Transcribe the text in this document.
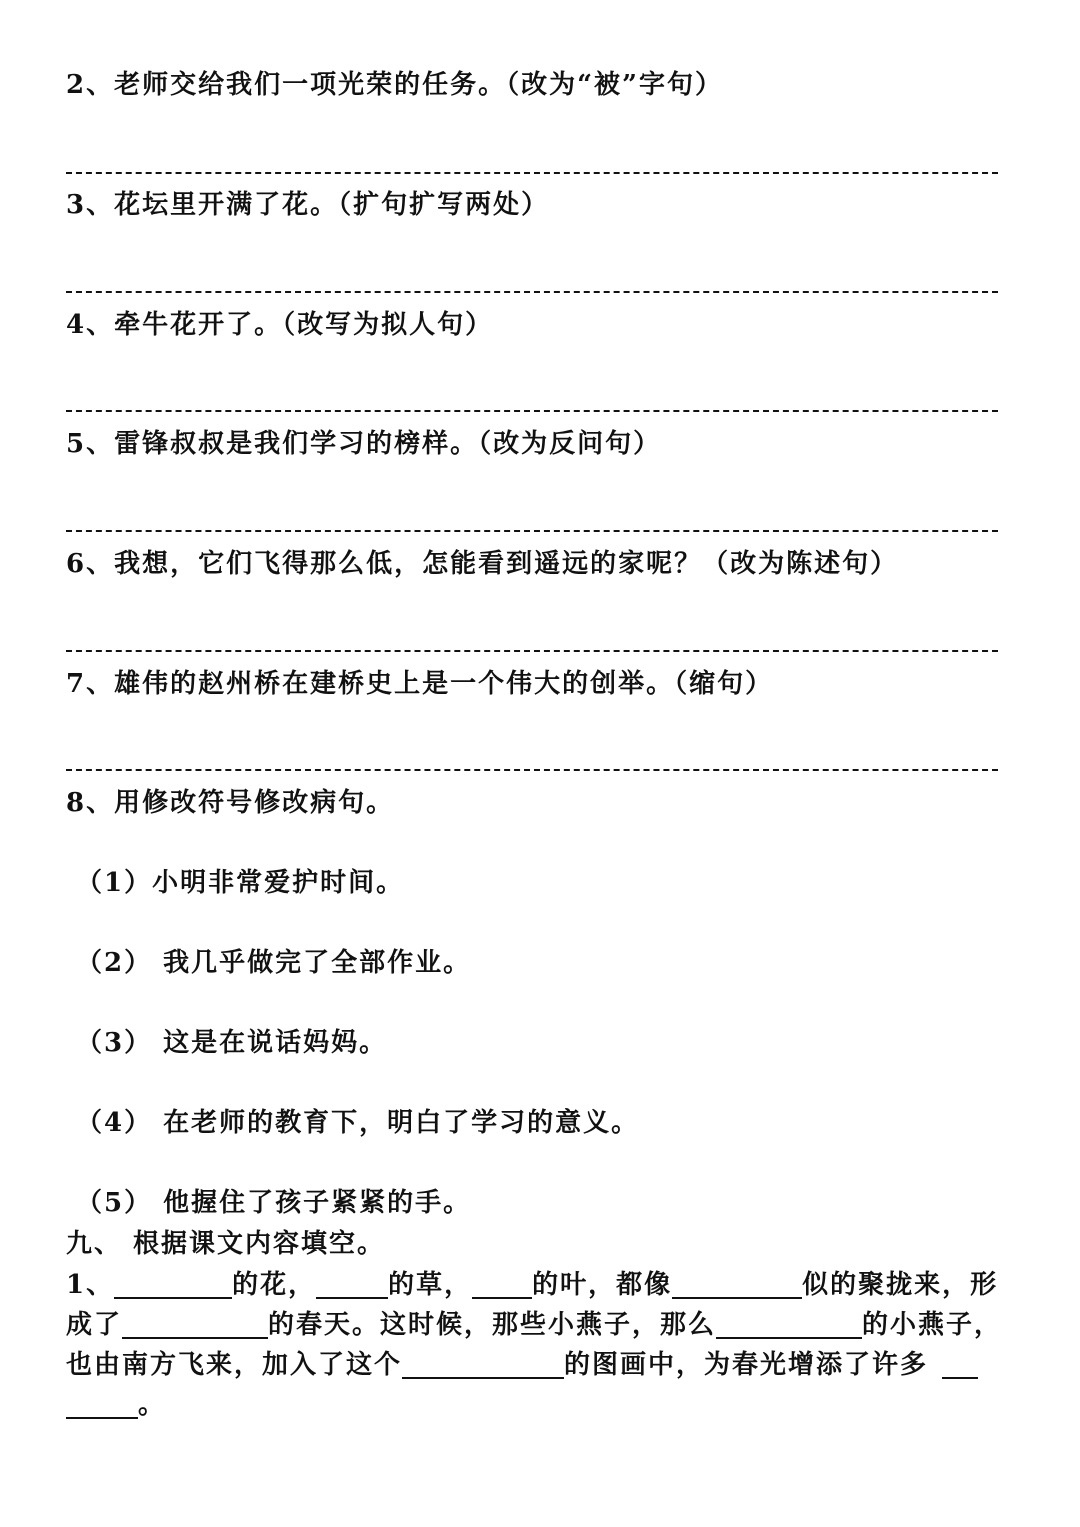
2、老师交给我们一项光荣的任务。（改为“被”字句）
3、花坛里开满了花。（扩句扩写两处）
4、牵牛花开了。（改写为拟人句）
5、雷锋叔叔是我们学习的榜样。（改为反问句）
6、我想，它们飞得那么低，怎能看到遥远的家呢？（改为陈述句）
7、雄伟的赵州桥在建桥史上是一个伟大的创举。（缩句）
8、用修改符号修改病句。
（1）小明非常爱护时间。
（2） 我几乎做完了全部作业。
（3） 这是在说话妈妈。
（4） 在老师的教育下，明白了学习的意义。
（5） 他握住了孩子紧紧的手。
九、 根据课文内容填空。
1、	的花，	的草， 的叶，都像	似的聚拢来，形
成了	的春天。这时候，那些小燕子，那么	的小燕子，
也由南方飞来，加入了这个	的图画中，为春光增添了许多
。
